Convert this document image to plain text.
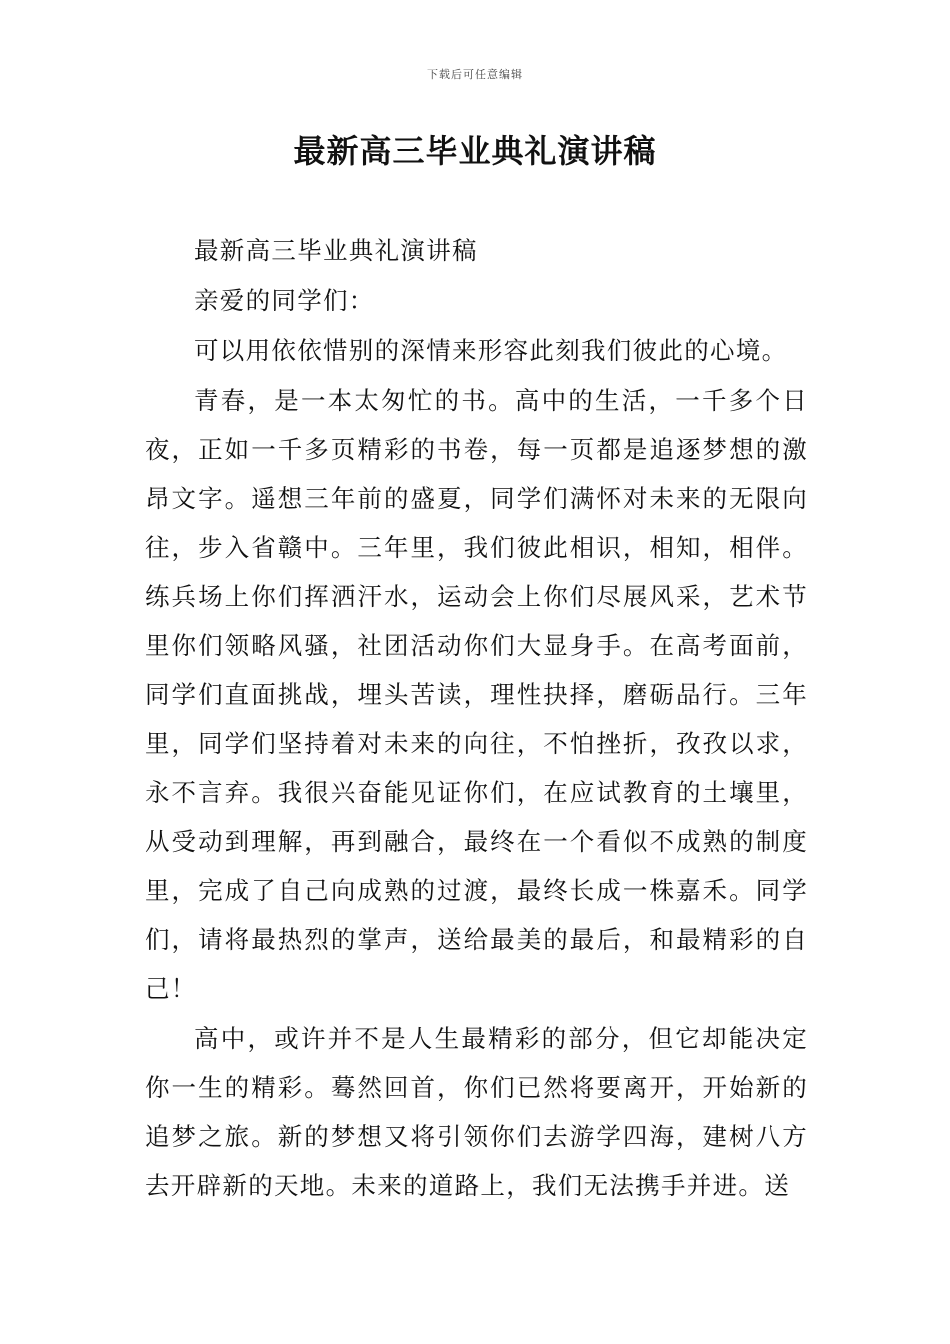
下载后可任意编辑
最新高三毕业典礼演讲稿

最新高三毕业典礼演讲稿

亲爱的同学们：

可以用依依惜别的深情来形容此刻我们彼此的心境。

青春，是一本太匆忙的书。高中的生活，一千多个日夜，正如一千多页精彩的书卷，每一页都是追逐梦想的激昂文字。遥想三年前的盛夏，同学们满怀对未来的无限向往，步入省赣中。三年里，我们彼此相识，相知，相伴。练兵场上你们挥洒汗水，运动会上你们尽展风采，艺术节里你们领略风骚，社团活动你们大显身手。在高考面前，同学们直面挑战，埋头苦读，理性抉择，磨砺品行。三年里，同学们坚持着对未来的向往，不怕挫折，孜孜以求，永不言弃。我很兴奋能见证你们，在应试教育的土壤里，从受动到理解，再到融合，最终在一个看似不成熟的制度里，完成了自己向成熟的过渡，最终长成一株嘉禾。同学们，请将最热烈的掌声，送给最美的最后，和最精彩的自己！

高中，或许并不是人生最精彩的部分，但它却能决定你一生的精彩。蓦然回首，你们已然将要离开，开始新的追梦之旅。新的梦想又将引领你们去游学四海，建树八方去开辟新的天地。未来的道路上，我们无法携手并进。送
